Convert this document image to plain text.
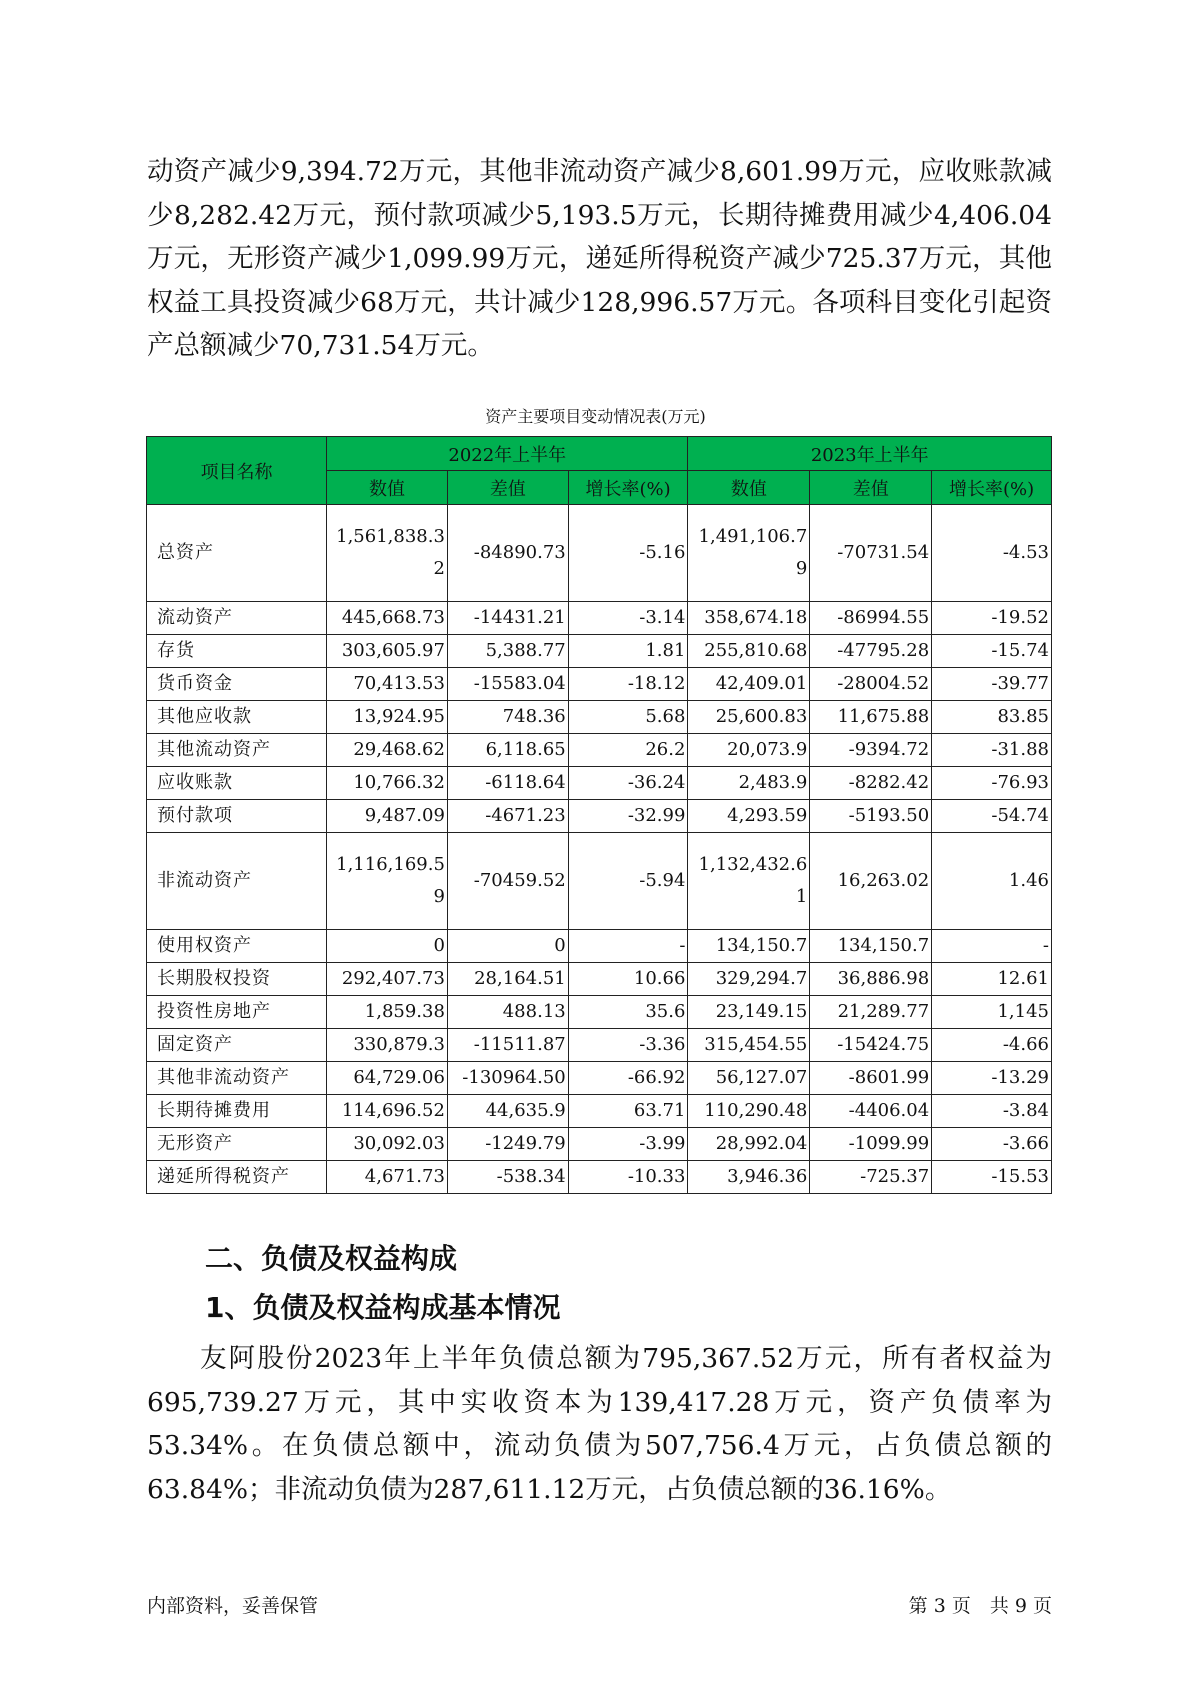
动资产减少9,394.72万元，其他非流动资产减少8,601.99万元，应收账款减少8,282.42万元，预付款项减少5,193.5万元，长期待摊费用减少4,406.04万元，无形资产减少1,099.99万元，递延所得税资产减少725.37万元，其他权益工具投资减少68万元，共计减少128,996.57万元。各项科目变化引起资产总额减少70,731.54万元。

资产主要项目变动情况表(万元)
项目名称	2022年上半年			2023年上半年		
	数值	差值	增长率(%)	数值	差值	增长率(%)
总资产	1,561,838.32	-84890.73	-5.16	1,491,106.79	-70731.54	-4.53
流动资产	445,668.73	-14431.21	-3.14	358,674.18	-86994.55	-19.52
存货	303,605.97	5,388.77	1.81	255,810.68	-47795.28	-15.74
货币资金	70,413.53	-15583.04	-18.12	42,409.01	-28004.52	-39.77
其他应收款	13,924.95	748.36	5.68	25,600.83	11,675.88	83.85
其他流动资产	29,468.62	6,118.65	26.2	20,073.9	-9394.72	-31.88
应收账款	10,766.32	-6118.64	-36.24	2,483.9	-8282.42	-76.93
预付款项	9,487.09	-4671.23	-32.99	4,293.59	-5193.50	-54.74
非流动资产	1,116,169.59	-70459.52	-5.94	1,132,432.61	16,263.02	1.46
使用权资产	0	0	-	134,150.7	134,150.7	-
长期股权投资	292,407.73	28,164.51	10.66	329,294.7	36,886.98	12.61
投资性房地产	1,859.38	488.13	35.6	23,149.15	21,289.77	1,145
固定资产	330,879.3	-11511.87	-3.36	315,454.55	-15424.75	-4.66
其他非流动资产	64,729.06	-130964.50	-66.92	56,127.07	-8601.99	-13.29
长期待摊费用	114,696.52	44,635.9	63.71	110,290.48	-4406.04	-3.84
无形资产	30,092.03	-1249.79	-3.99	28,992.04	-1099.99	-3.66
递延所得税资产	4,671.73	-538.34	-10.33	3,946.36	-725.37	-15.53
二、负债及权益构成
1、负债及权益构成基本情况

友阿股份2023年上半年负债总额为795,367.52万元，所有者权益为695,739.27万元，其中实收资本为139,417.28万元，资产负债率为53.34%。在负债总额中，流动负债为507,756.4万元，占负债总额的63.84%；非流动负债为287,611.12万元，占负债总额的36.16%。

内部资料，妥善保管	第 3 页　共 9 页
